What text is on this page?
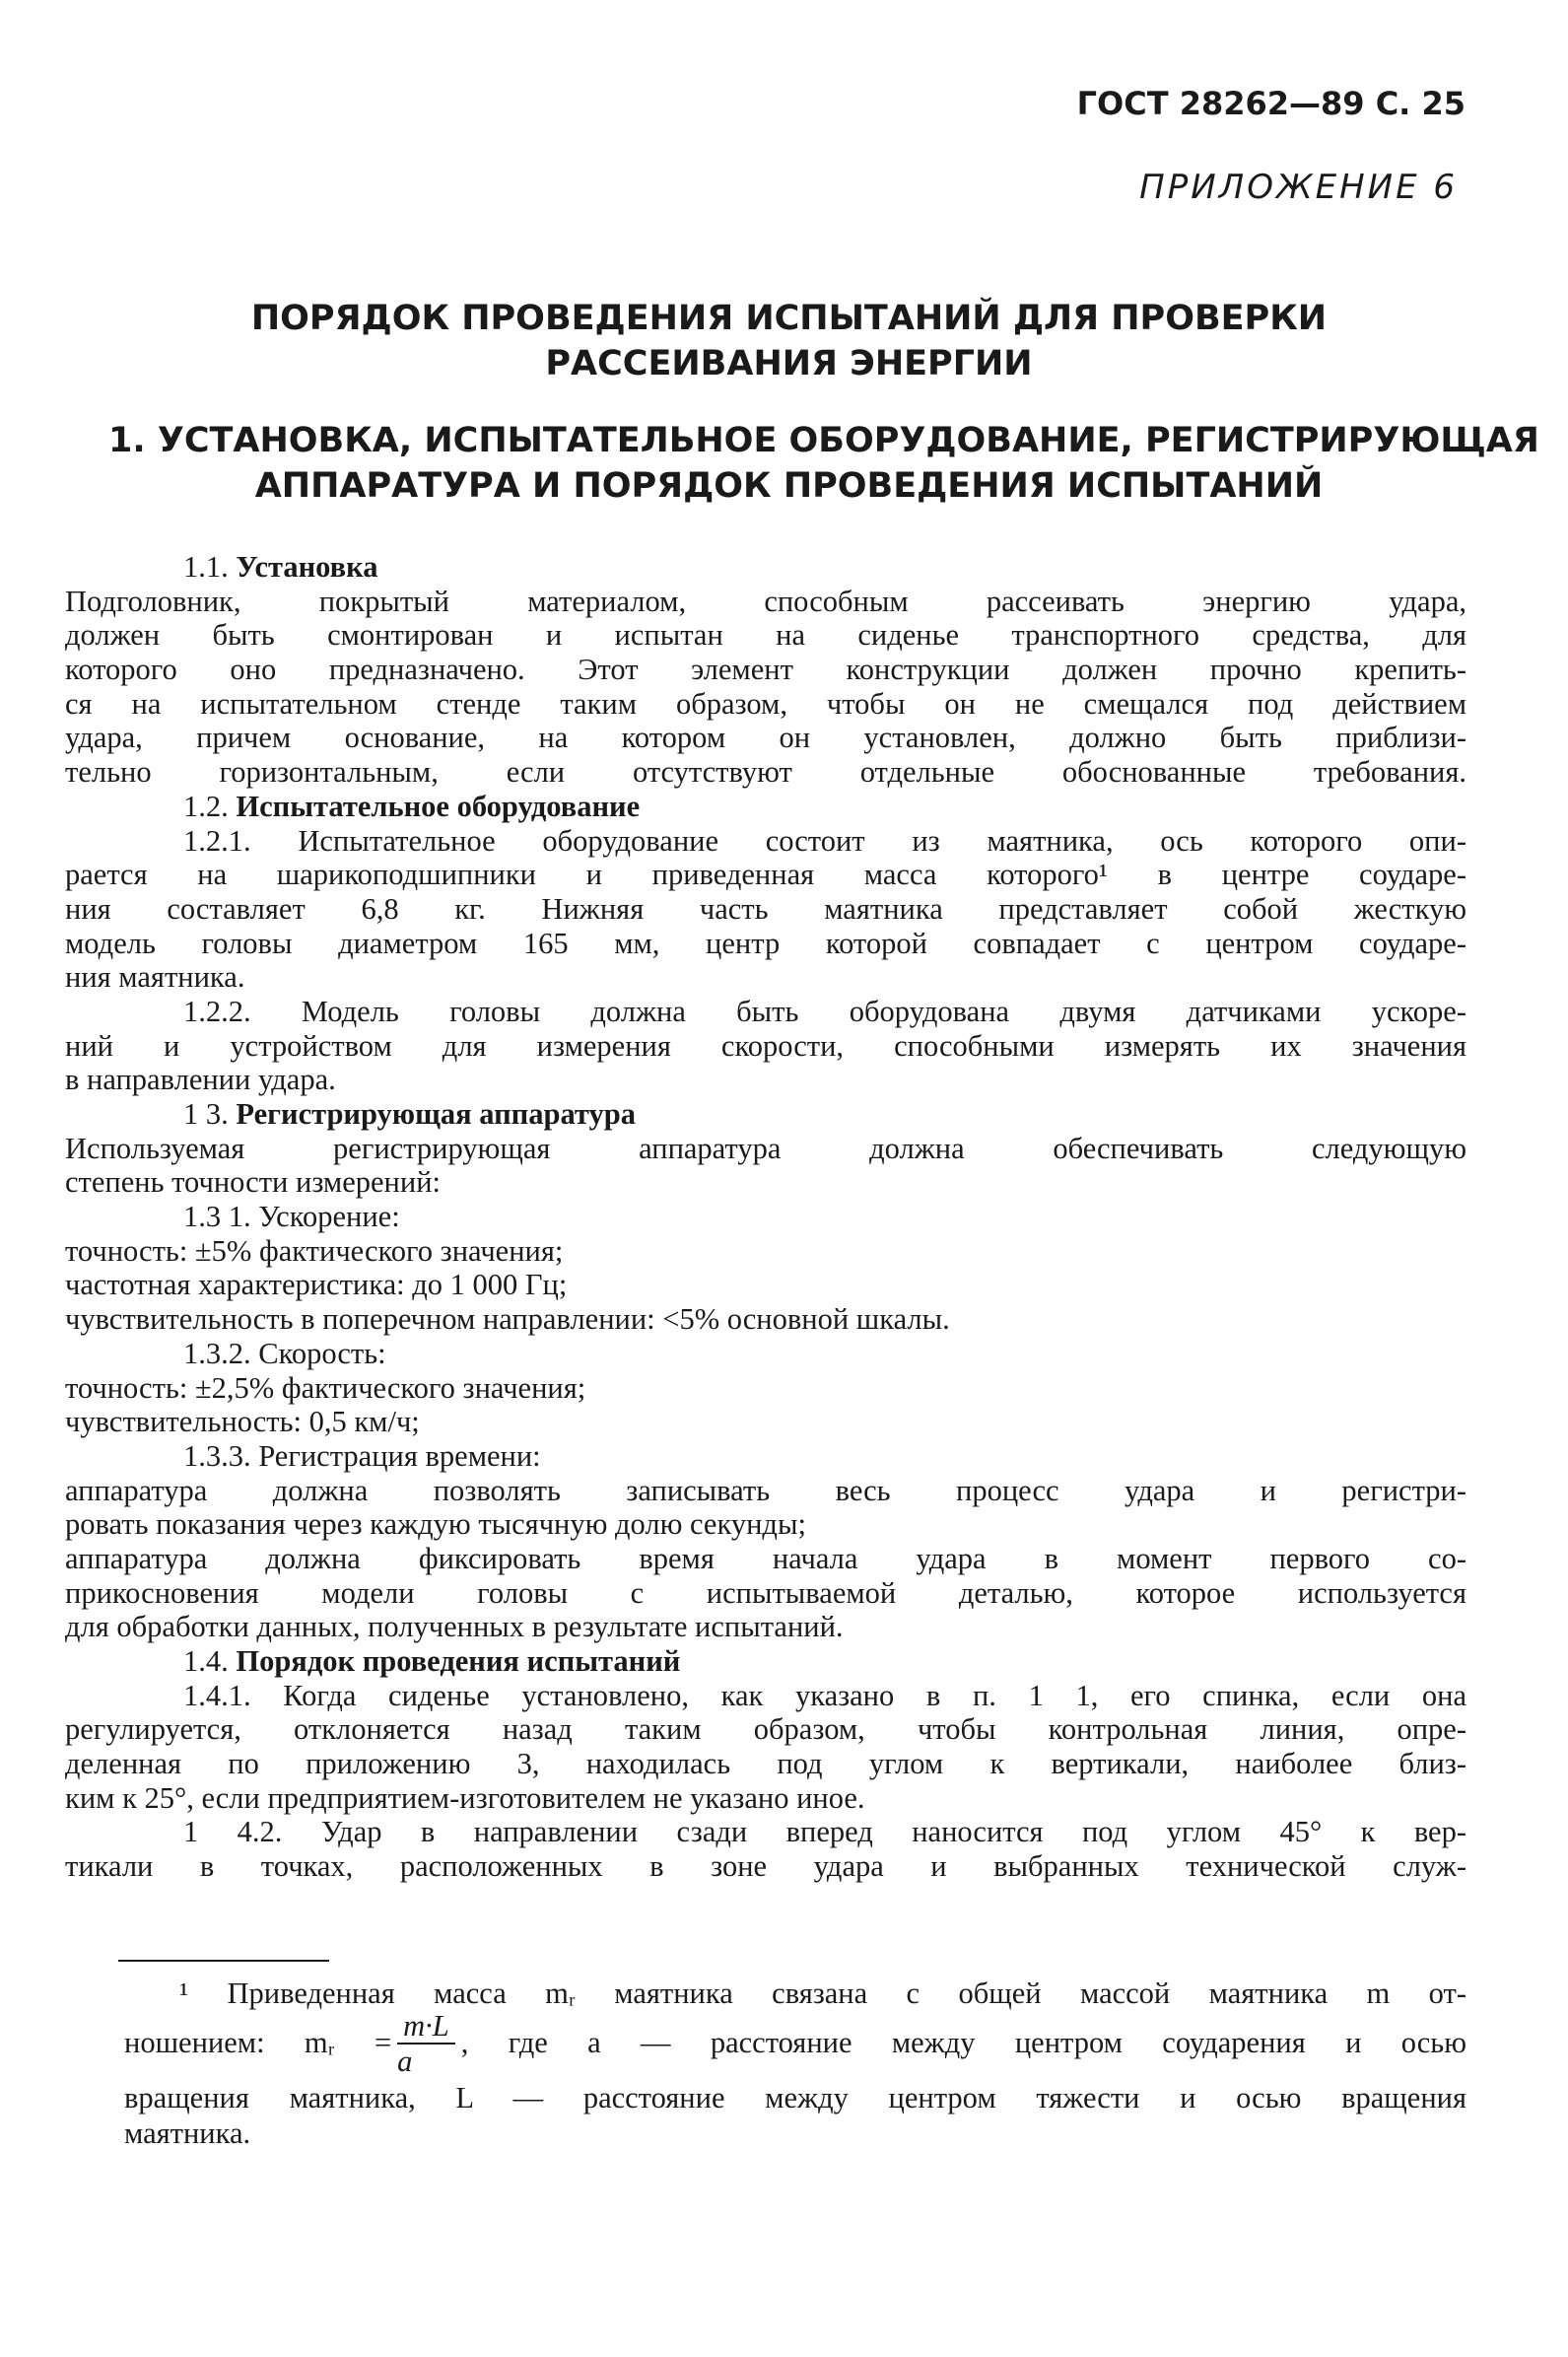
ГОСТ 28262—89 С. 25
ПРИЛОЖЕНИЕ 6
ПОРЯДОК ПРОВЕДЕНИЯ ИСПЫТАНИЙ ДЛЯ ПРОВЕРКИ
РАССЕИВАНИЯ ЭНЕРГИИ
1. УСТАНОВКА, ИСПЫТАТЕЛЬНОЕ ОБОРУДОВАНИЕ, РЕГИСТРИРУЮЩАЯ
АППАРАТУРА И ПОРЯДОК ПРОВЕДЕНИЯ ИСПЫТАНИЙ
1.1. Установка
Подголовник, покрытый материалом, способным рассеивать энергию удара,
должен быть смонтирован и испытан на сиденье транспортного средства, для
которого оно предназначено. Этот элемент конструкции должен прочно крепить-
ся на испытательном стенде таким образом, чтобы он не смещался под действием
удара, причем основание, на котором он установлен, должно быть приблизи-
тельно горизонтальным, если отсутствуют отдельные обоснованные требования.
1.2. Испытательное оборудование
1.2.1. Испытательное оборудование состоит из маятника, ось которого опи-
рается на шарикоподшипники и приведенная масса которого¹ в центре соударе-
ния составляет 6,8 кг. Нижняя часть маятника представляет собой жесткую
модель головы диаметром 165 мм, центр которой совпадает с центром соударе-
ния маятника.
1.2.2. Модель головы должна быть оборудована двумя датчиками ускоре-
ний и устройством для измерения скорости, способными измерять их значения
в направлении удара.
1 3. Регистрирующая аппаратура
Используемая регистрирующая аппаратура должна обеспечивать следующую
степень точности измерений:
1.3 1. Ускорение:
точность: ±5% фактического значения;
частотная характеристика: до 1 000 Гц;
чувствительность в поперечном направлении: <5% основной шкалы.
1.3.2. Скорость:
точность: ±2,5% фактического значения;
чувствительность: 0,5 км/ч;
1.3.3. Регистрация времени:
аппаратура должна позволять записывать весь процесс удара и регистри-
ровать показания через каждую тысячную долю секунды;
аппаратура должна фиксировать время начала удара в момент первого со-
прикосновения модели головы с испытываемой деталью, которое используется
для обработки данных, полученных в результате испытаний.
1.4. Порядок проведения испытаний
1.4.1. Когда сиденье установлено, как указано в п. 1 1, его спинка, если она
регулируется, отклоняется назад таким образом, чтобы контрольная линия, опре-
деленная по приложению 3, находилась под углом к вертикали, наиболее близ-
ким к 25°, если предприятием-изготовителем не указано иное.
1 4.2. Удар в направлении сзади вперед наносится под углом 45° к вер-
тикали в точках, расположенных в зоне удара и выбранных технической служ-
¹ Приведенная масса mᵣ маятника связана с общей массой маятника m от-
ношением: mᵣ = $\frac{m\cdot L}{a}$ , где a — расстояние между центром соударения и осью
вращения маятника, L — расстояние между центром тяжести и осью вращения
маятника.
